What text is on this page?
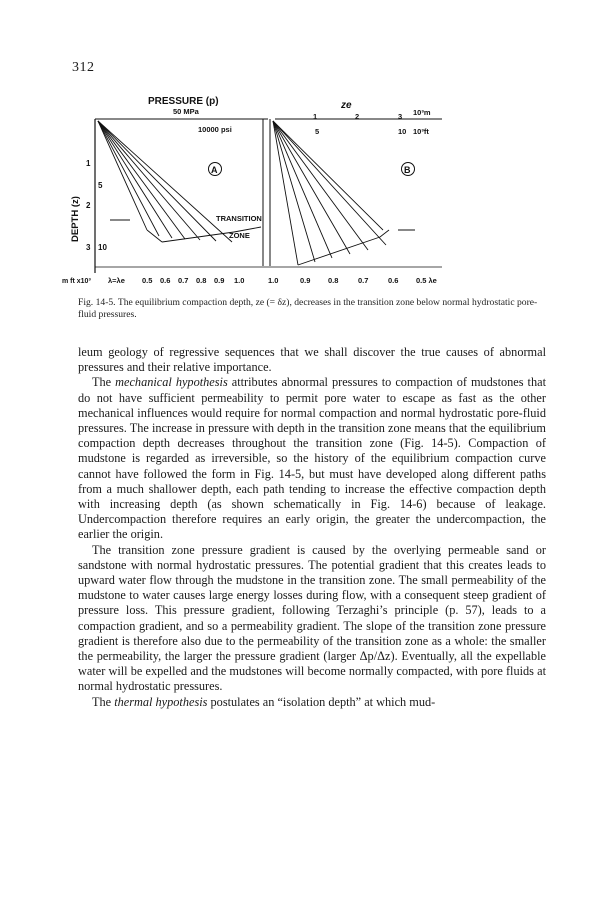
312
PRESSURE (p)	ze
50 MPa
10000 psi
DEPTH (z)
1
2
3
5
10
TRANSITION
ZONE
A
1	2	3 10³m
5	10 10³ft
B
m ft x10³ λ=λe 0.5 0.6 0.7 0.8 0.9 1.0	1.0	0.9 0.8	0.7	0.6 0.5 λe
Fig. 14-5. The equilibrium compaction depth, ze (= δz), decreases in the transition zone below normal hydrostatic pore-fluid pressures.

leum geology of regressive sequences that we shall discover the true causes of abnormal pressures and their relative importance.

The mechanical hypothesis attributes abnormal pressures to compaction of mudstones that do not have sufficient permeability to permit pore water to escape as fast as the other mechanical influences would require for normal compaction and normal hydrostatic pore-fluid pressures. The increase in pressure with depth in the transition zone means that the equilibrium compaction depth decreases throughout the transition zone (Fig. 14-5). Compaction of mudstone is regarded as irreversible, so the history of the equilibrium compaction curve cannot have followed the form in Fig. 14-5, but must have developed along different paths from a much shallower depth, each path tending to increase the effective compaction depth with increasing depth (as shown schematically in Fig. 14-6) because of leakage. Undercompaction therefore requires an early origin, the greater the undercompaction, the earlier the origin.

The transition zone pressure gradient is caused by the overlying permeable sand or sandstone with normal hydrostatic pressures. The potential gradient that this creates leads to upward water flow through the mudstone in the transition zone. The small permeability of the mudstone to water causes large energy losses during flow, with a consequent steep gradient of pressure loss. This pressure gradient, following Terzaghi’s principle (p. 57), leads to a compaction gradient, and so a permeability gradient. The slope of the transition zone pressure gradient is therefore also due to the permeability of the transition zone as a whole: the smaller the permeability, the larger the pressure gradient (larger Δp/Δz). Eventually, all the expellable water will be expelled and the mudstones will become normally compacted, with pore fluids at normal hydrostatic pressures.

The thermal hypothesis postulates an “isolation depth” at which mud-
